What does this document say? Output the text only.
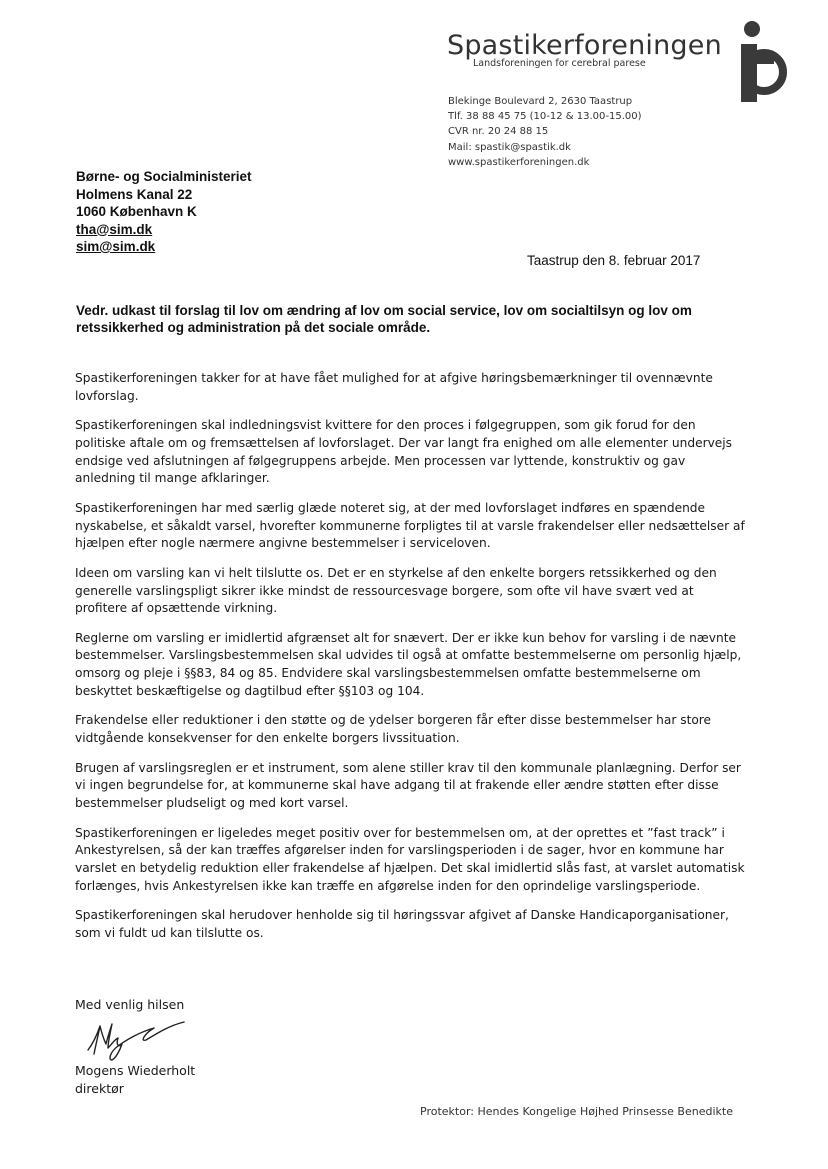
Spastikerforeningen
Landsforeningen for cerebral parese
Blekinge Boulevard 2, 2630 Taastrup
Tlf. 38 88 45 75 (10-12 & 13.00-15.00)
CVR nr. 20 24 88 15
Mail: spastik@spastik.dk
www.spastikerforeningen.dk
Børne- og Socialministeriet
Holmens Kanal 22
1060 København K
tha@sim.dk
sim@sim.dk
Taastrup den 8. februar 2017
Vedr. udkast til forslag til lov om ændring af lov om social service, lov om socialtilsyn og lov om retssikkerhed og administration på det sociale område.

Spastikerforeningen takker for at have fået mulighed for at afgive høringsbemærkninger til ovennævnte lovforslag.

Spastikerforeningen skal indledningsvist kvittere for den proces i følgegruppen, som gik forud for den politiske aftale om og fremsættelsen af lovforslaget. Der var langt fra enighed om alle elementer undervejs endsige ved afslutningen af følgegruppens arbejde. Men processen var lyttende, konstruktiv og gav anledning til mange afklaringer.

Spastikerforeningen har med særlig glæde noteret sig, at der med lovforslaget indføres en spændende nyskabelse, et såkaldt varsel, hvorefter kommunerne forpligtes til at varsle frakendelser eller nedsættelser af hjælpen efter nogle nærmere angivne bestemmelser i serviceloven.

Ideen om varsling kan vi helt tilslutte os. Det er en styrkelse af den enkelte borgers retssikkerhed og den generelle varslingspligt sikrer ikke mindst de ressourcesvage borgere, som ofte vil have svært ved at profitere af opsættende virkning.

Reglerne om varsling er imidlertid afgrænset alt for snævert. Der er ikke kun behov for varsling i de nævnte bestemmelser. Varslingsbestemmelsen skal udvides til også at omfatte bestemmelserne om personlig hjælp, omsorg og pleje i §§83, 84 og 85. Endvidere skal varslingsbestemmelsen omfatte bestemmelserne om beskyttet beskæftigelse og dagtilbud efter §§103 og 104.

Frakendelse eller reduktioner i den støtte og de ydelser borgeren får efter disse bestemmelser har store vidtgående konsekvenser for den enkelte borgers livssituation.

Brugen af varslingsreglen er et instrument, som alene stiller krav til den kommunale planlægning. Derfor ser vi ingen begrundelse for, at kommunerne skal have adgang til at frakende eller ændre støtten efter disse bestemmelser pludseligt og med kort varsel.

Spastikerforeningen er ligeledes meget positiv over for bestemmelsen om, at der oprettes et ”fast track” i Ankestyrelsen, så der kan træffes afgørelser inden for varslingsperioden i de sager, hvor en kommune har varslet en betydelig reduktion eller frakendelse af hjælpen. Det skal imidlertid slås fast, at varslet automatisk forlænges, hvis Ankestyrelsen ikke kan træffe en afgørelse inden for den oprindelige varslingsperiode.

Spastikerforeningen skal herudover henholde sig til høringssvar afgivet af Danske Handicaporganisationer, som vi fuldt ud kan tilslutte os.

Med venlig hilsen
Mogens Wiederholt
direktør
Protektor: Hendes Kongelige Højhed Prinsesse Benedikte
